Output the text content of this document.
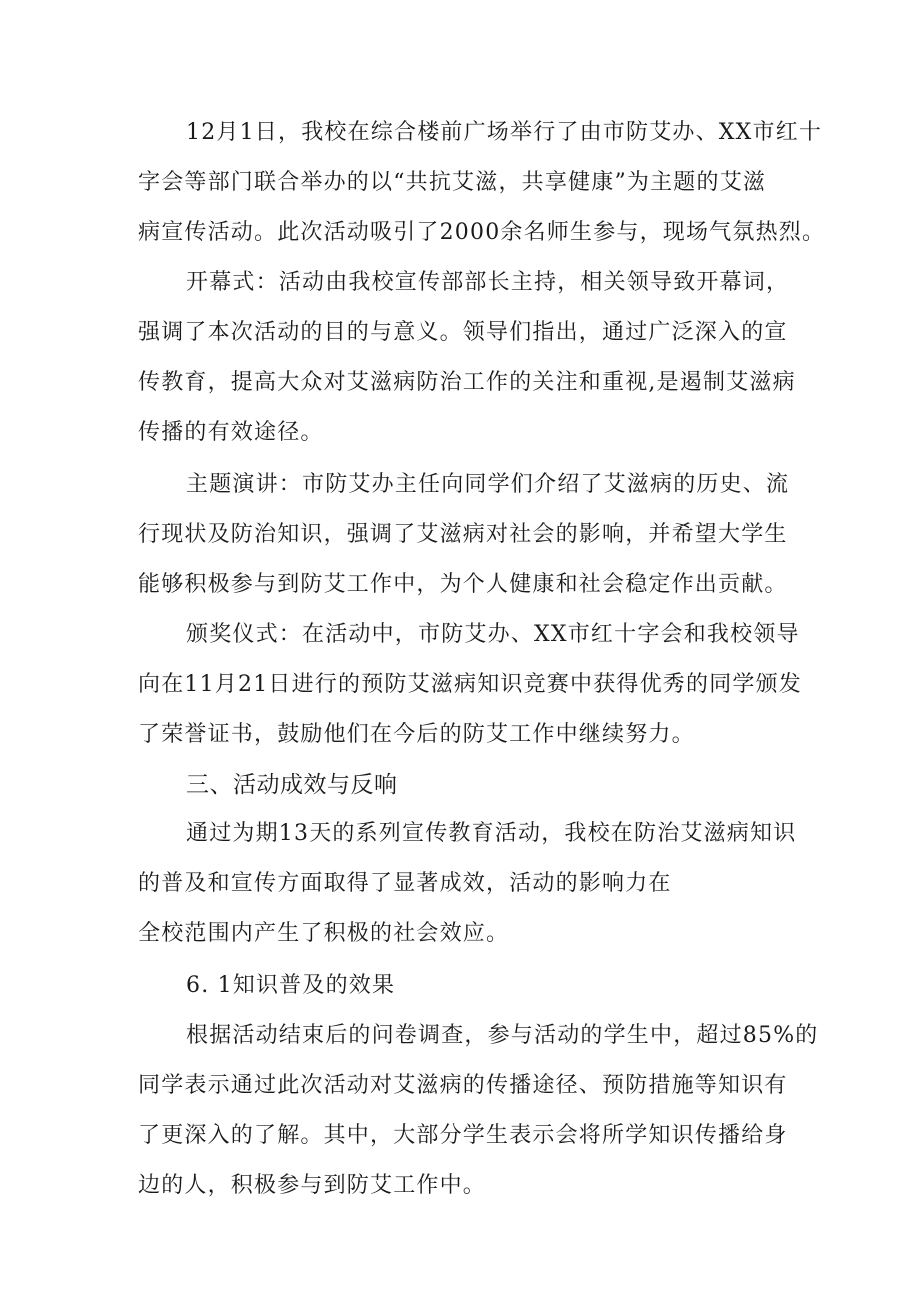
12月1日，我校在综合楼前广场举行了由市防艾办、XX市红十
字会等部门联合举办的以“共抗艾滋，共享健康”为主题的艾滋
病宣传活动。此次活动吸引了2000余名师生参与，现场气氛热烈。
开幕式：活动由我校宣传部部长主持，相关领导致开幕词，
强调了本次活动的目的与意义。领导们指出，通过广泛深入的宣
传教育，提高大众对艾滋病防治工作的关注和重视,是遏制艾滋病
传播的有效途径。
主题演讲：市防艾办主任向同学们介绍了艾滋病的历史、流
行现状及防治知识，强调了艾滋病对社会的影响，并希望大学生
能够积极参与到防艾工作中，为个人健康和社会稳定作出贡献。
颁奖仪式：在活动中，市防艾办、XX市红十字会和我校领导
向在11月21日进行的预防艾滋病知识竞赛中获得优秀的同学颁发
了荣誉证书，鼓励他们在今后的防艾工作中继续努力。
三、活动成效与反响
通过为期13天的系列宣传教育活动，我校在防治艾滋病知识
的普及和宣传方面取得了显著成效，活动的影响力在
全校范围内产生了积极的社会效应。
6. 1知识普及的效果
根据活动结束后的问卷调查，参与活动的学生中，超过85%的
同学表示通过此次活动对艾滋病的传播途径、预防措施等知识有
了更深入的了解。其中，大部分学生表示会将所学知识传播给身
边的人，积极参与到防艾工作中。
